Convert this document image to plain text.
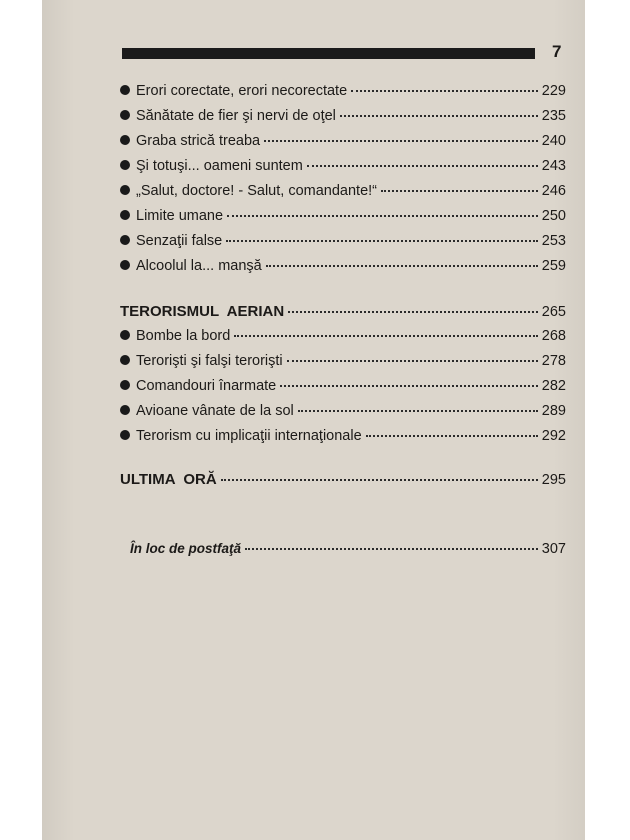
7
Erori corectate, erori necorectate	229
Sănătate de fier şi nervi de oţel	235
Graba strică treaba	240
Şi totuşi... oameni suntem	243
„Salut, doctore! - Salut, comandante!“	246
Limite umane	250
Senzaţii false	253
Alcoolul la... manşă	259
TERORISMUL  AERIAN	265
Bombe la bord	268
Terorişti şi falşi terorişti	278
Comandouri înarmate	282
Avioane vânate de la sol	289
Terorism cu implicaţii internaţionale	292
ULTIMA  ORĂ	295
În loc de postfaţă	307
